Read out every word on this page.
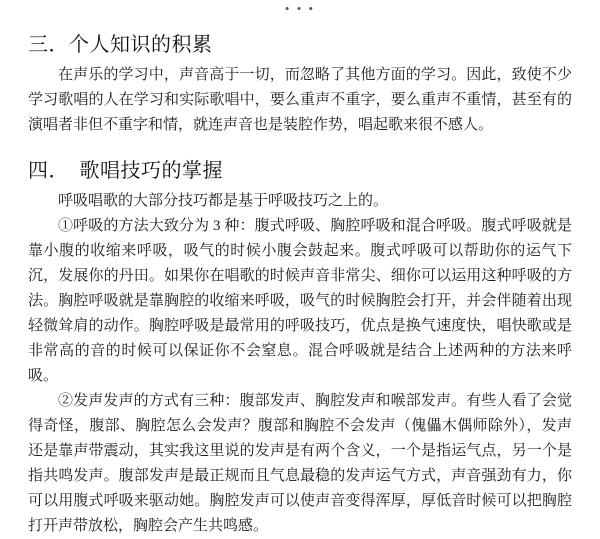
• • •
三．个人知识的积累

在声乐的学习中，声音高于一切，而忽略了其他方面的学习。因此，致使不少学习歌唱的人在学习和实际歌唱中，要么重声不重字，要么重声不重情，甚至有的演唱者非但不重字和情，就连声音也是装腔作势，唱起歌来很不感人。

四．　歌唱技巧的掌握

呼吸唱歌的大部分技巧都是基于呼吸技巧之上的。

①呼吸的方法大致分为 3 种：腹式呼吸、胸腔呼吸和混合呼吸。腹式呼吸就是靠小腹的收缩来呼吸，吸气的时候小腹会鼓起来。腹式呼吸可以帮助你的运气下沉，发展你的丹田。如果你在唱歌的时候声音非常尖、细你可以运用这种呼吸的方法。胸腔呼吸就是靠胸腔的收缩来呼吸，吸气的时候胸腔会打开，并会伴随着出现轻微耸肩的动作。胸腔呼吸是最常用的呼吸技巧，优点是换气速度快，唱快歌或是非常高的音的时候可以保证你不会窒息。混合呼吸就是结合上述两种的方法来呼吸。

②发声发声的方式有三种：腹部发声、胸腔发声和喉部发声。有些人看了会觉得奇怪，腹部、胸腔怎么会发声？腹部和胸腔不会发声（傀儡木偶师除外），发声还是靠声带震动，其实我这里说的发声是有两个含义，一个是指运气点，另一个是指共鸣发声。腹部发声是最正规而且气息最稳的发声运气方式，声音强劲有力，你可以用腹式呼吸来驱动她。胸腔发声可以使声音变得浑厚，厚低音时候可以把胸腔打开声带放松，胸腔会产生共鸣感。
